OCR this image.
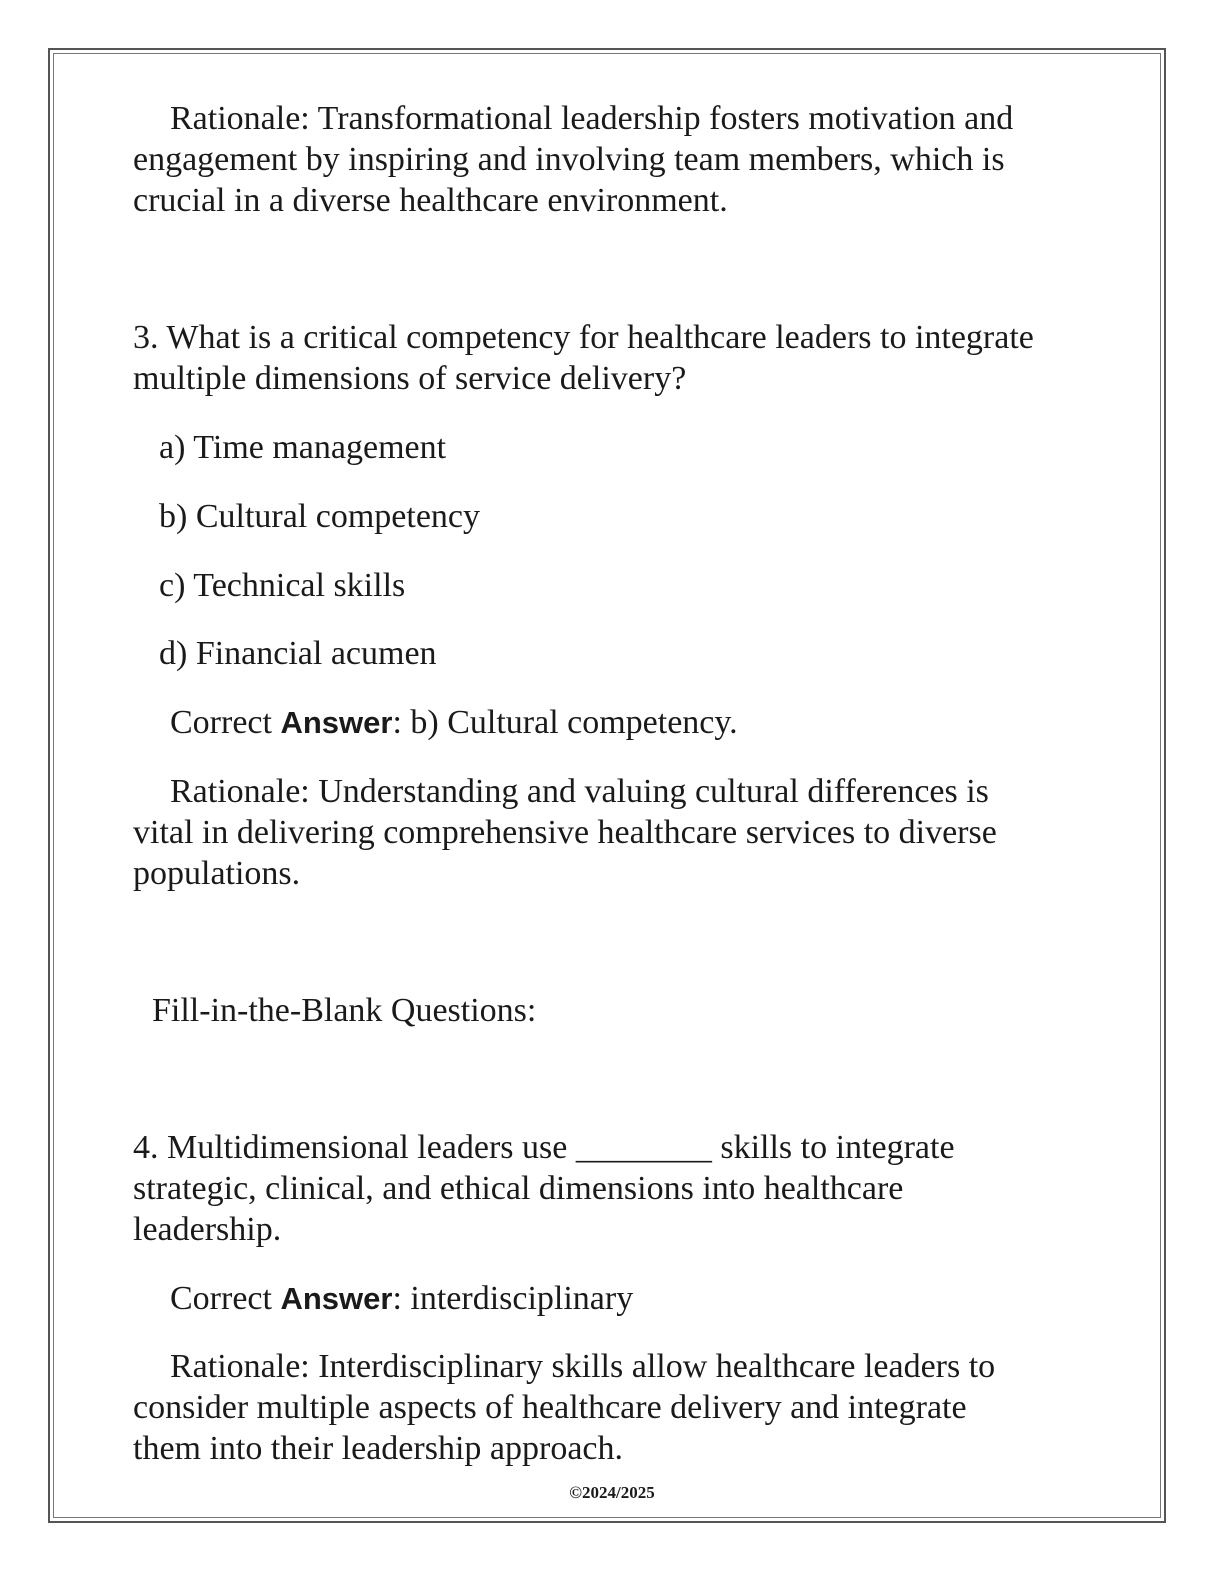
Rationale: Transformational leadership fosters motivation and
engagement by inspiring and involving team members, which is
crucial in a diverse healthcare environment.
3. What is a critical competency for healthcare leaders to integrate
multiple dimensions of service delivery?
a) Time management
b) Cultural competency
c) Technical skills
d) Financial acumen
Correct Answer: b) Cultural competency.
Rationale: Understanding and valuing cultural differences is
vital in delivering comprehensive healthcare services to diverse
populations.
Fill-in-the-Blank Questions:
4. Multidimensional leaders use ________ skills to integrate
strategic, clinical, and ethical dimensions into healthcare
leadership.
Correct Answer: interdisciplinary
Rationale: Interdisciplinary skills allow healthcare leaders to
consider multiple aspects of healthcare delivery and integrate
them into their leadership approach.
©2024/2025
